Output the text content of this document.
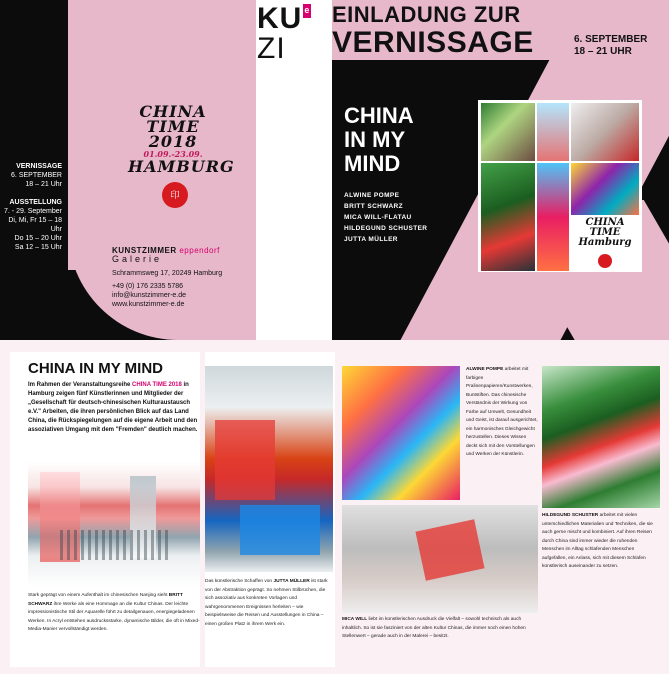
VERNISSAGE
6. SEPTEMBER
18 – 21 Uhr

AUSSTELLUNG
7. - 29. September
Di, Mi, Fr 15 – 18 Uhr
Do 15 – 20 Uhr
Sa 12 – 15 Uhr
CHINA
TIME 2018
01.09.-23.09.
HAMBURG
印
KUNSTZIMMER eppendorf
Galerie
Schrammsweg 17, 20249 Hamburg
+49 (0) 176 2335 5786
info@kunstzimmer-e.de
www.kunstzimmer-e.de
KU e
ZI
EINLADUNG ZUR
VERNISSAGE	6. SEPTEMBER
18 – 21 UHR
CHINA
IN MY
MIND
ALWINE POMPE
BRITT SCHWARZ
MICA WILL-FLATAU
HILDEGUND SCHUSTER
JUTTA MÜLLER
CHINA
TIME
Hamburg
CHINA IN MY MIND
Im Rahmen der Veranstaltungsreihe CHINA TIME 2018 in Hamburg zeigen fünf Künstlerinnen und Mitglieder der „Gesellschaft für deutsch-chinesischen Kulturaustausch e.V." Arbeiten, die ihren persönlichen Blick auf das Land China, die Rückspiegelungen auf die eigene Arbeit und den assoziativen Umgang mit dem "Fremden" deutlich machen.
Stark geprägt von einem Aufenthalt im chinesischen Nanjing sieht BRITT SCHWARZ ihre Werke als eine Hommage an die Kultur Chinas. Der leichte impressionistische Stil der Aquarelle führt zu detailgenauen, energiegeladenen Werken. In Acryl entstehen ausdrucksstarke, dynamische Bilder, die oft in Mixed-Media-Manier vervollständigt werden.
Das künstlerische Schaffen von JUTTA MÜLLER ist stark von der Abstraktion geprägt. So nehmen Stilbrüchen, die sich assoziativ aus konkreten Vorlagen und wahrgenommenen Ereignissen herleiten – wie beispielsweise die Reisen und Ausstellungen in China – einen großen Platz in ihrem Werk ein.
ALWINE POMPE arbeitet mit farbigen Pralinenpapieren/Kunstwerken, Buntstiften. Das chinesische Verständnis der Wirkung von Farbe auf Umwelt, Gesundheit und Geist, ist darauf ausgerichtet, ein harmonisches Gleichgewicht herzustellen. Dieses Wissen deckt sich mit den Vorstellungen und Werken der Künstlerin.
MICA WILL liebt im künstlerischen Ausdruck die Vielfalt – sowohl technisch als auch inhaltlich. So ist sie fasziniert von der alten Kultur Chinas, die immer noch einen hohen Stellenwert – gerade auch in der Malerei – besitzt.
HILDEGUND SCHUSTER arbeitet mit vielen unterschiedlichen Materialien und Techniken, die sie auch gerne mischt und kombiniert. Auf ihren Reisen durch China sind immer wieder die ruhenden Menschen im Alltag schlafenden Menschen aufgefallen, ein Anlass, sich mit diesem Schlafen künstlerisch auseinander zu setzen.
